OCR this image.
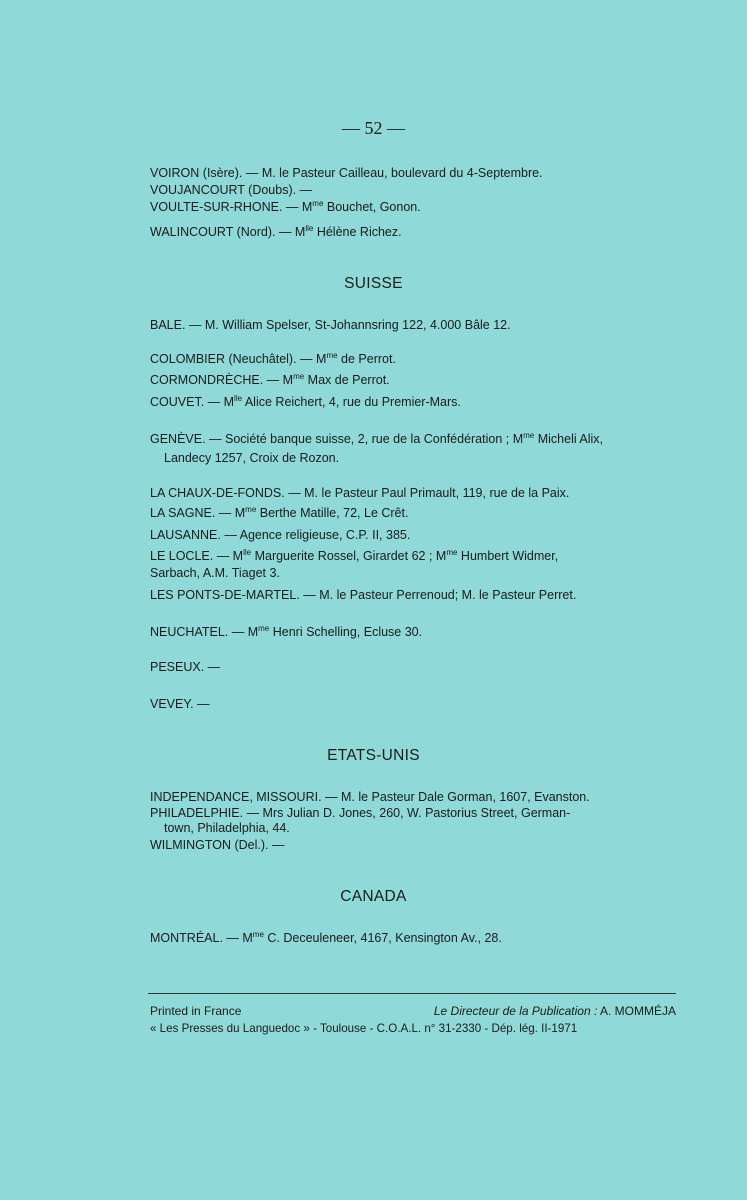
— 52 —
VOIRON (Isère). — M. le Pasteur Cailleau, boulevard du 4-Septembre.
VOUJANCOURT (Doubs). —
VOULTE-SUR-RHONE. — $M^{me}$ Bouchet, Gonon.
WALINCOURT (Nord). — $M^{lle}$ Hélène Richez.
SUISSE
BALE. — M. William Spelser, St-Johannsring 122, 4.000 Bâle 12.
COLOMBIER (Neuchâtel). — $M^{me}$ de Perrot.
CORMONDRÈCHE. — $M^{me}$ Max de Perrot.
COUVET. — $M^{lle}$ Alice Reichert, 4, rue du Premier-Mars.
GENÈVE. — Société banque suisse, 2, rue de la Confédération ; $M^{me}$ Micheli Alix,
Landecy 1257, Croix de Rozon.
LA CHAUX-DE-FONDS. — M. le Pasteur Paul Primault, 119, rue de la Paix.
LA SAGNE. — $M^{me}$ Berthe Matille, 72, Le Crêt.
LAUSANNE. — Agence religieuse, C.P. II, 385.
LE LOCLE. — $M^{lle}$ Marguerite Rossel, Girardet 62 ; $M^{me}$ Humbert Widmer,
Sarbach, A.M. Tiaget 3.
LES PONTS-DE-MARTEL. — M. le Pasteur Perrenoud; M. le Pasteur Perret.
NEUCHATEL. — $M^{me}$ Henri Schelling, Ecluse 30.
PESEUX. —
VEVEY. —
ETATS-UNIS
INDEPENDANCE, MISSOURI. — M. le Pasteur Dale Gorman, 1607, Evanston.
PHILADELPHIE. — Mrs Julian D. Jones, 260, W. Pastorius Street, German-
town, Philadelphia, 44.
WILMINGTON (Del.). —
CANADA
MONTRÉAL. — $M^{me}$ C. Deceuleneer, 4167, Kensington Av., 28.
Printed in France	Le Directeur de la Publication : A. MOMMÉJA
« Les Presses du Languedoc » - Toulouse - C.O.A.L. n° 31-2330 - Dép. lég. II-1971
